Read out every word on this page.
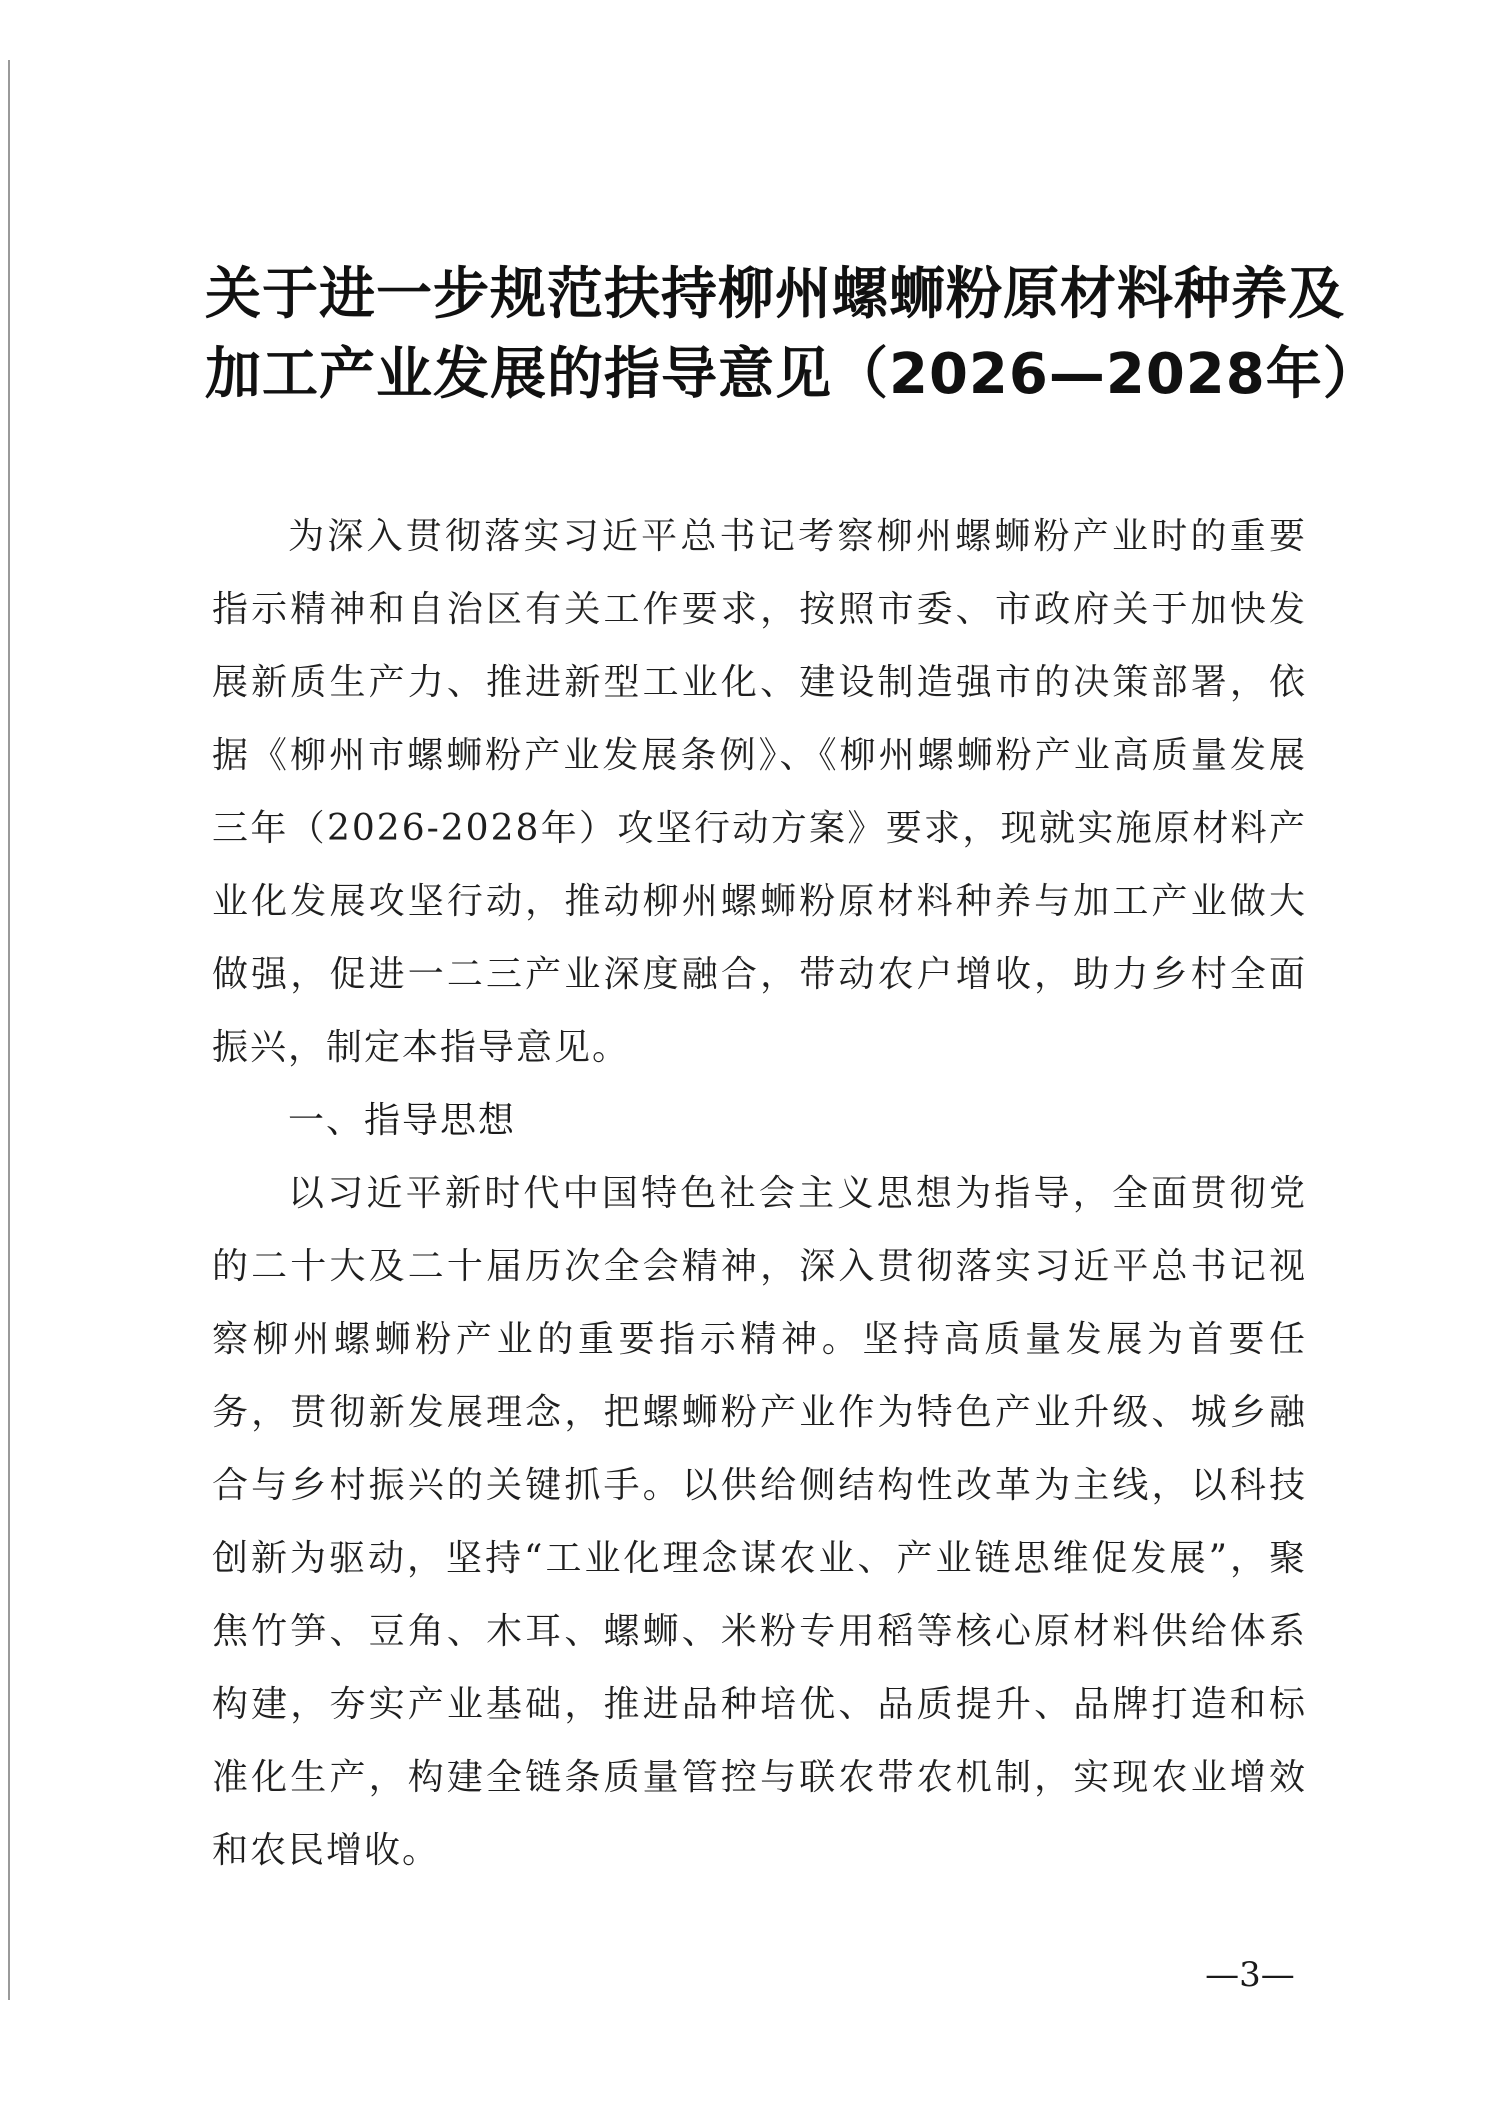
关于进一步规范扶持柳州螺蛳粉原材料种养及
加工产业发展的指导意见（2026—2028年）

为深入贯彻落实习近平总书记考察柳州螺蛳粉产业时的重要指示精神和自治区有关工作要求，按照市委、市政府关于加快发展新质生产力、推进新型工业化、建设制造强市的决策部署，依据《柳州市螺蛳粉产业发展条例》、《柳州螺蛳粉产业高质量发展三年（2026-2028年）攻坚行动方案》要求，现就实施原材料产业化发展攻坚行动，推动柳州螺蛳粉原材料种养与加工产业做大做强，促进一二三产业深度融合，带动农户增收，助力乡村全面振兴，制定本指导意见。

一、指导思想

以习近平新时代中国特色社会主义思想为指导，全面贯彻党的二十大及二十届历次全会精神，深入贯彻落实习近平总书记视察柳州螺蛳粉产业的重要指示精神。坚持高质量发展为首要任务，贯彻新发展理念，把螺蛳粉产业作为特色产业升级、城乡融合与乡村振兴的关键抓手。以供给侧结构性改革为主线，以科技创新为驱动，坚持“工业化理念谋农业、产业链思维促发展”，聚焦竹笋、豆角、木耳、螺蛳、米粉专用稻等核心原材料供给体系构建，夯实产业基础，推进品种培优、品质提升、品牌打造和标准化生产，构建全链条质量管控与联农带农机制，实现农业增效和农民增收。

—3—
